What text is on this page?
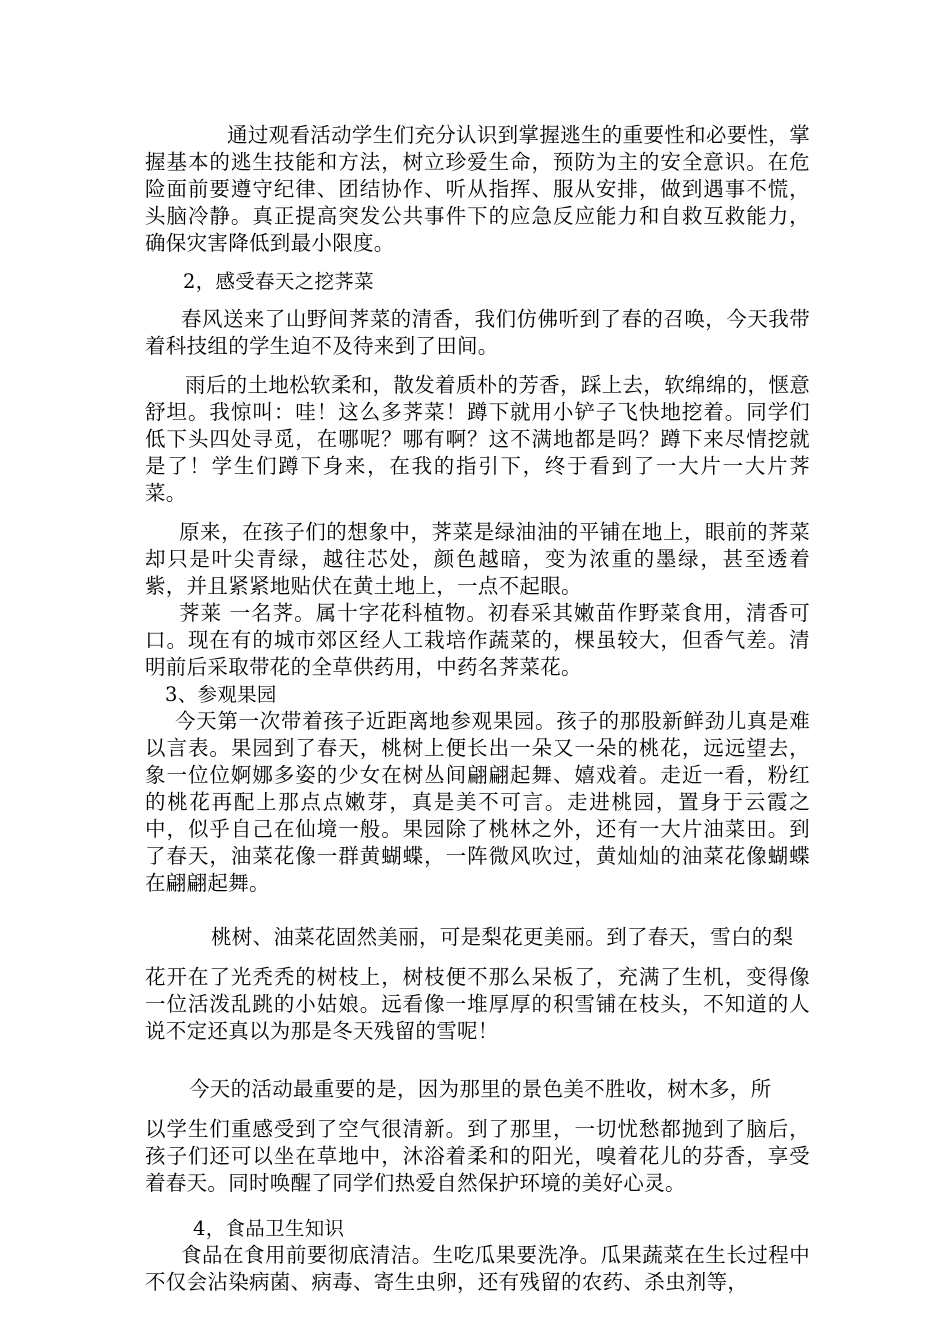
通过观看活动学生们充分认识到掌握逃生的重要性和必要性，掌握基本的逃生技能和方法，树立珍爱生命，预防为主的安全意识。在危险面前要遵守纪律、团结协作、听从指挥、服从安排，做到遇事不慌，头脑冷静。真正提高突发公共事件下的应急反应能力和自救互救能力，确保灾害降低到最小限度。

2，感受春天之挖荠菜

春风送来了山野间荠菜的清香，我们仿佛听到了春的召唤，今天我带着科技组的学生迫不及待来到了田间。

雨后的土地松软柔和，散发着质朴的芳香，踩上去，软绵绵的，惬意舒坦。我惊叫：哇！这么多荠菜！蹲下就用小铲子飞快地挖着。同学们低下头四处寻觅，在哪呢？哪有啊？这不满地都是吗？蹲下来尽情挖就是了！学生们蹲下身来，在我的指引下，终于看到了一大片一大片荠菜。

原来，在孩子们的想象中，荠菜是绿油油的平铺在地上，眼前的荠菜却只是叶尖青绿，越往芯处，颜色越暗，变为浓重的墨绿，甚至透着紫，并且紧紧地贴伏在黄土地上，一点不起眼。

荠莱 一名荠。属十字花科植物。初春采其嫩苗作野菜食用，清香可口。现在有的城市郊区经人工栽培作蔬菜的，棵虽较大，但香气差。清明前后采取带花的全草供药用，中药名荠菜花。

3、参观果园

今天第一次带着孩子近距离地参观果园。孩子的那股新鲜劲儿真是难以言表。果园到了春天，桃树上便长出一朵又一朵的桃花，远远望去，象一位位婀娜多姿的少女在树丛间翩翩起舞、嬉戏着。走近一看，粉红的桃花再配上那点点嫩芽，真是美不可言。走进桃园，置身于云霞之中，似乎自己在仙境一般。果园除了桃林之外，还有一大片油菜田。到了春天，油菜花像一群黄蝴蝶，一阵微风吹过，黄灿灿的油菜花像蝴蝶在翩翩起舞。

桃树、油菜花固然美丽，可是梨花更美丽。到了春天，雪白的梨

花开在了光秃秃的树枝上，树枝便不那么呆板了，充满了生机，变得像一位活泼乱跳的小姑娘。远看像一堆厚厚的积雪铺在枝头，不知道的人说不定还真以为那是冬天残留的雪呢！

今天的活动最重要的是，因为那里的景色美不胜收，树木多，所

以学生们重感受到了空气很清新。到了那里，一切忧愁都抛到了脑后，孩子们还可以坐在草地中，沐浴着柔和的阳光，嗅着花儿的芬香，享受着春天。同时唤醒了同学们热爱自然保护环境的美好心灵。

4，食品卫生知识

食品在食用前要彻底清洁。生吃瓜果要洗净。瓜果蔬菜在生长过程中不仅会沾染病菌、病毒、寄生虫卵，还有残留的农药、杀虫剂等，
